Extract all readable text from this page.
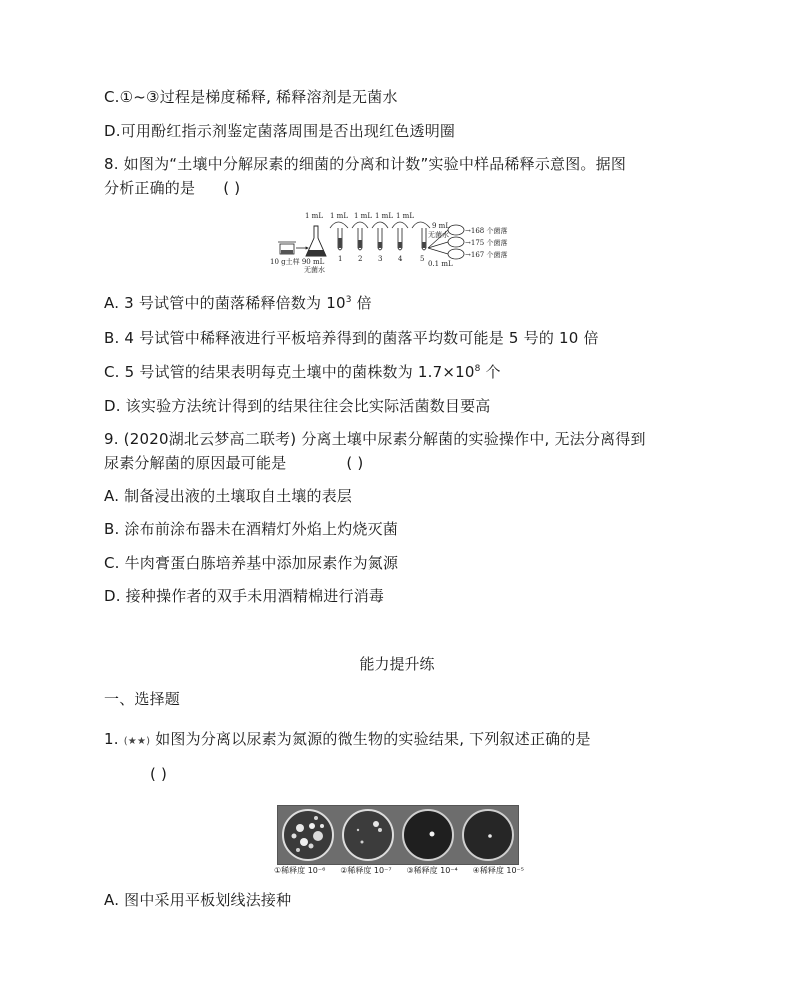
C.①~③过程是梯度稀释, 稀释溶剂是无菌水
D.可用酚红指示剂鉴定菌落周围是否出现红色透明圈
8. 如图为“土壤中分解尿素的细菌的分离和计数”实验中样品稀释示意图。据图
分析正确的是 ( )
1 mL 1 mL 1 mL 1 mL 1 mL
10 g土样 90 mL
无菌水
1 2 3 4	5
9 mL
无菌水
0.1 mL
→168 个菌落
→175 个菌落
→167 个菌落
A. 3 号试管中的菌落稀释倍数为 $10^3$ 倍
B. 4 号试管中稀释液进行平板培养得到的菌落平均数可能是 5 号的 10 倍
C. 5 号试管的结果表明每克土壤中的菌株数为 $1.7\times 10^8$ 个
D. 该实验方法统计得到的结果往往会比实际活菌数目要高
9. (2020湖北云梦高二联考) 分离土壤中尿素分解菌的实验操作中, 无法分离得到
尿素分解菌的原因最可能是	( )
A. 制备浸出液的土壤取自土壤的表层
B. 涂布前涂布器未在酒精灯外焰上灼烧灭菌
C. 牛肉膏蛋白胨培养基中添加尿素作为氮源
D. 接种操作者的双手未用酒精棉进行消毒
能力提升练
一、选择题
1. (★★) 如图为分离以尿素为氮源的微生物的实验结果, 下列叙述正确的是
( )
①稀释度 10⁻⁶ ②稀释度 10⁻⁷ ③稀释度 10⁻⁴ ④稀释度 10⁻⁵
A. 图中采用平板划线法接种
